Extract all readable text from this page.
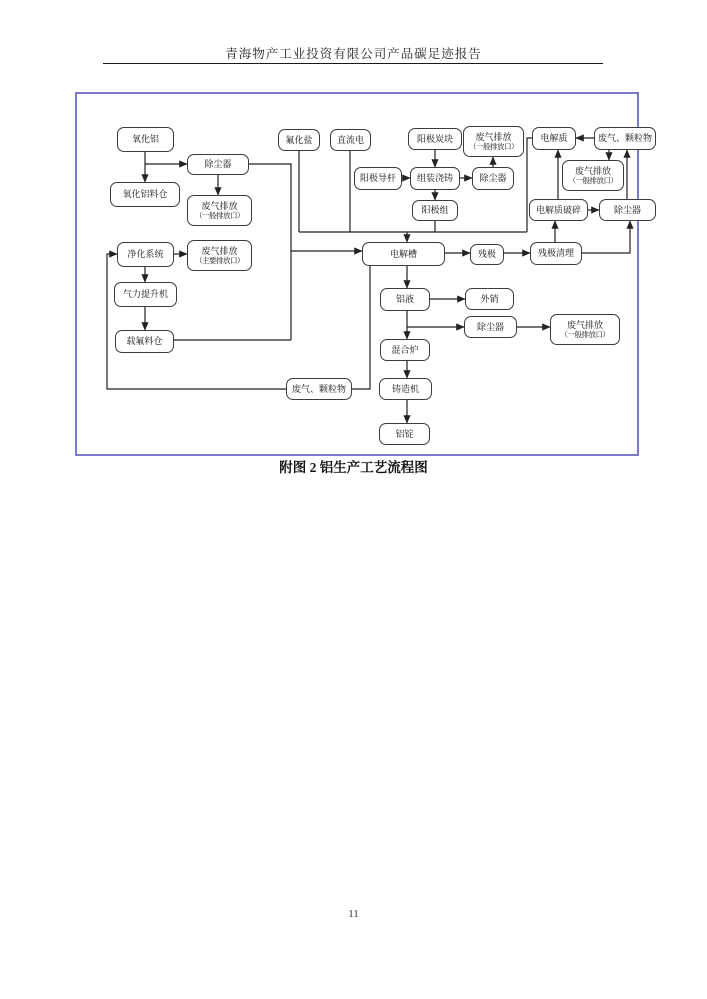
青海物产工业投资有限公司产品碳足迹报告
氧化铝
除尘器
氧化铝料仓
废气排放
（一般排放口）
净化系统	废气排放
（主要排放口）
气力提升机
载氟料仓
氟化盐	直流电	阳极炭块 废气排放
（一般排放口）
阳极导杆 组装浇铸	除尘器
阳极组
电解质	废气、颗粒物
废气排放
（一般排放口）
电解质破碎	除尘器
电解槽	残极	残极清理
铝液	外销
除尘器	废气排放
（一般排放口）
混合炉
铸造机
废气、颗粒物
铝锭
附图 2 铝生产工艺流程图
11
